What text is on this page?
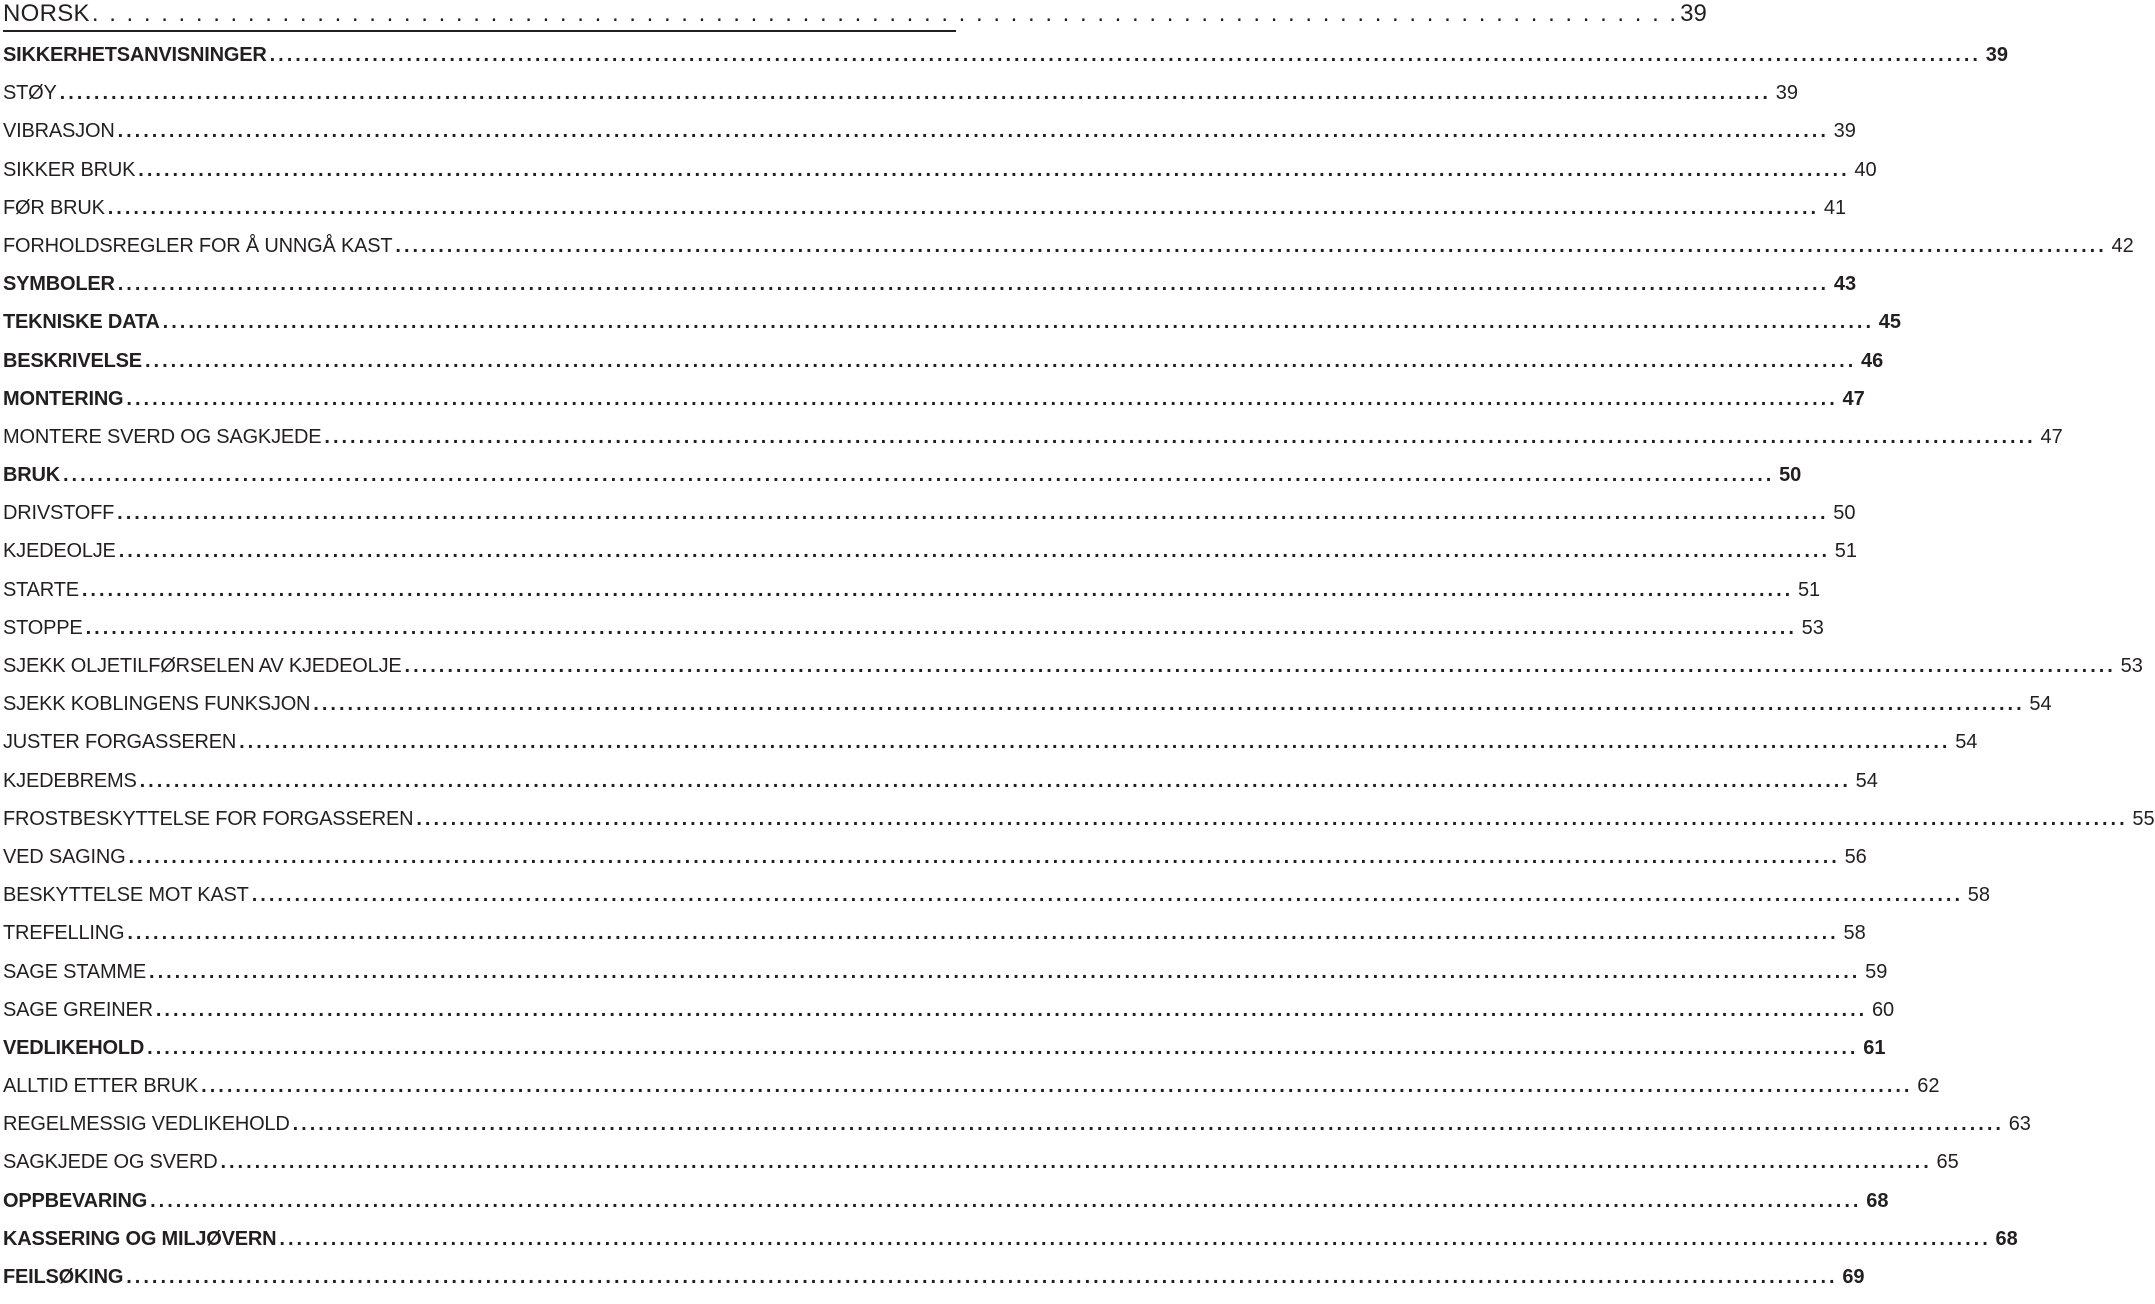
NORSK . . . . . . . . . . . . . . . . . . . . . . . . . . . . . . . . . . . . . . . . . . . . . . . . . . . . . . . . . . . . . . . . . . . . . . . . . . . . . . . . . . . . . . . . . . . . 39
SIKKERHETSANVISNINGER ........................................................................................................................................................................................................ 39
STØY ........................................................................................................................................................................................................ 39
VIBRASJON ........................................................................................................................................................................................................ 39
SIKKER BRUK ........................................................................................................................................................................................................ 40
FØR BRUK ........................................................................................................................................................................................................ 41
FORHOLDSREGLER FOR Å UNNGÅ KAST ........................................................................................................................................................................................................ 42
SYMBOLER ........................................................................................................................................................................................................ 43
TEKNISKE DATA ........................................................................................................................................................................................................ 45
BESKRIVELSE ........................................................................................................................................................................................................ 46
MONTERING ........................................................................................................................................................................................................ 47
MONTERE SVERD OG SAGKJEDE ........................................................................................................................................................................................................ 47
BRUK ........................................................................................................................................................................................................ 50
DRIVSTOFF ........................................................................................................................................................................................................ 50
KJEDEOLJE ........................................................................................................................................................................................................ 51
STARTE ........................................................................................................................................................................................................ 51
STOPPE ........................................................................................................................................................................................................ 53
SJEKK OLJETILFØRSELEN AV KJEDEOLJE ........................................................................................................................................................................................................ 53
SJEKK KOBLINGENS FUNKSJON ........................................................................................................................................................................................................ 54
JUSTER FORGASSEREN ........................................................................................................................................................................................................ 54
KJEDEBREMS ........................................................................................................................................................................................................ 54
FROSTBESKYTTELSE FOR FORGASSEREN ........................................................................................................................................................................................................ 55
VED SAGING ........................................................................................................................................................................................................ 56
BESKYTTELSE MOT KAST ........................................................................................................................................................................................................ 58
TREFELLING ........................................................................................................................................................................................................ 58
SAGE STAMME ........................................................................................................................................................................................................ 59
SAGE GREINER ........................................................................................................................................................................................................ 60
VEDLIKEHOLD ........................................................................................................................................................................................................ 61
ALLTID ETTER BRUK ........................................................................................................................................................................................................ 62
REGELMESSIG VEDLIKEHOLD ........................................................................................................................................................................................................ 63
SAGKJEDE OG SVERD ........................................................................................................................................................................................................ 65
OPPBEVARING ........................................................................................................................................................................................................ 68
KASSERING OG MILJØVERN ........................................................................................................................................................................................................ 68
FEILSØKING ........................................................................................................................................................................................................ 69
